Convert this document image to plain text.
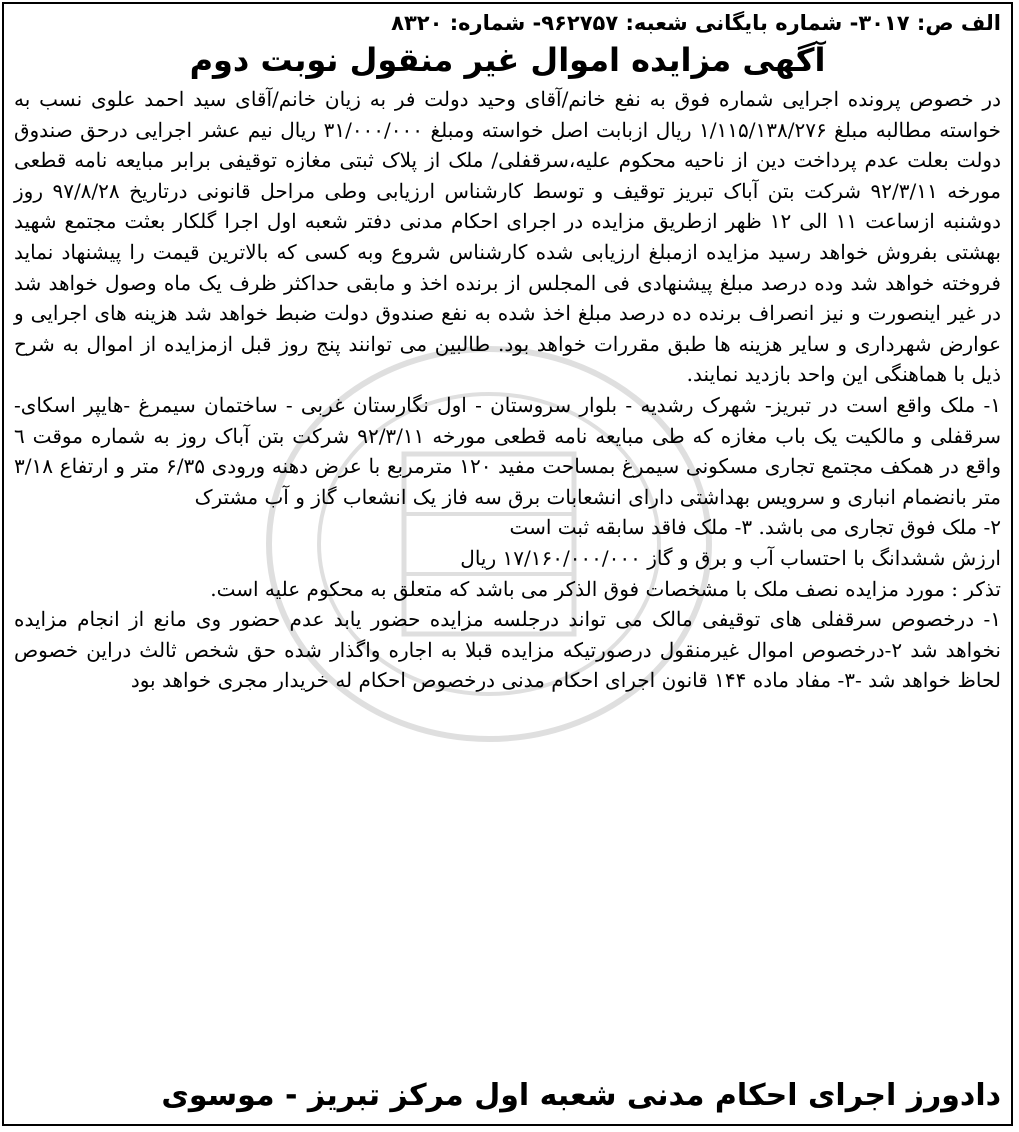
الف ص: ۳۰۱۷- شماره بایگانی شعبه: ۹۶۲۷۵۷- شماره: ۸۳۲۰
آگهی مزایده اموال غیر منقول نوبت دوم

در خصوص پرونده اجرایی شماره فوق به نفع خانم/آقای وحید دولت فر به زیان خانم/آقای سید احمد علوی نسب به خواسته مطالبه مبلغ ۱/۱۱۵/۱۳۸/۲۷۶ ریال ازبابت اصل خواسته ومبلغ ۳۱/۰۰۰/۰۰۰ ریال نیم عشر اجرایی درحق صندوق دولت بعلت عدم پرداخت دین از ناحیه محکوم علیه،سرقفلی/ ملک از پلاک ثبتی مغازه توقیفی برابر مبایعه نامه قطعی مورخه ۹۲/۳/۱۱ شرکت بتن آباک تبریز توقیف و توسط کارشناس ارزیابی وطی مراحل قانونی درتاریخ ۹۷/۸/۲۸ روز دوشنبه ازساعت ۱۱ الی ۱۲ ظهر ازطریق مزایده در اجرای احکام مدنی دفتر شعبه اول اجرا گلکار بعثت مجتمع شهید بهشتی بفروش خواهد رسید مزایده ازمبلغ ارزیابی شده کارشناس شروع وبه کسی که بالاترین قیمت را پیشنهاد نماید فروخته خواهد شد وده درصد مبلغ پیشنهادی فی المجلس از برنده اخذ و مابقی حداکثر ظرف یک ماه وصول خواهد شد در غیر اینصورت و نیز انصراف برنده ده درصد مبلغ اخذ شده به نفع صندوق دولت ضبط خواهد شد هزینه های اجرایی و عوارض شهرداری و سایر هزینه ها طبق مقررات خواهد بود. طالبین می توانند پنج روز قبل ازمزایده از اموال به شرح ذیل با هماهنگی این واحد بازدید نمایند.

۱- ملک واقع است در تبریز- شهرک رشدیه - بلوار سروستان - اول نگارستان غربی - ساختمان سیمرغ -هایپر اسکای- سرقفلی و مالکیت یک باب مغازه که طی مبایعه نامه قطعی مورخه ۹۲/۳/۱۱ شرکت بتن آباک روز به شماره موقت ٦ واقع در همکف مجتمع تجاری مسکونی سیمرغ بمساحت مفید ۱۲۰ مترمربع با عرض دهنه ورودی ۶/۳۵ متر و ارتفاع ۳/۱۸ متر بانضمام انباری و سرویس بهداشتی دارای انشعابات برق سه فاز یک انشعاب گاز و آب مشترک

۲- ملک فوق تجاری می باشد. ۳- ملک فاقد سابقه ثبت است

ارزش ششدانگ با احتساب آب و برق و گاز ۱۷/۱۶۰/۰۰۰/۰۰۰ ریال

تذکر : مورد مزایده نصف ملک با مشخصات فوق الذکر می باشد که متعلق به محکوم علیه است.

۱- درخصوص سرقفلی های توقیفی مالک می تواند درجلسه مزایده حضور یابد عدم حضور وی مانع از انجام مزایده نخواهد شد ۲-درخصوص اموال غیرمنقول درصورتیکه مزایده قبلا به اجاره واگذار شده حق شخص ثالث دراین خصوص لحاظ خواهد شد -۳- مفاد ماده ۱۴۴ قانون اجرای احکام مدنی درخصوص احکام له خریدار مجری خواهد بود

دادورز اجرای احکام مدنی شعبه اول مرکز تبریز - موسوی
